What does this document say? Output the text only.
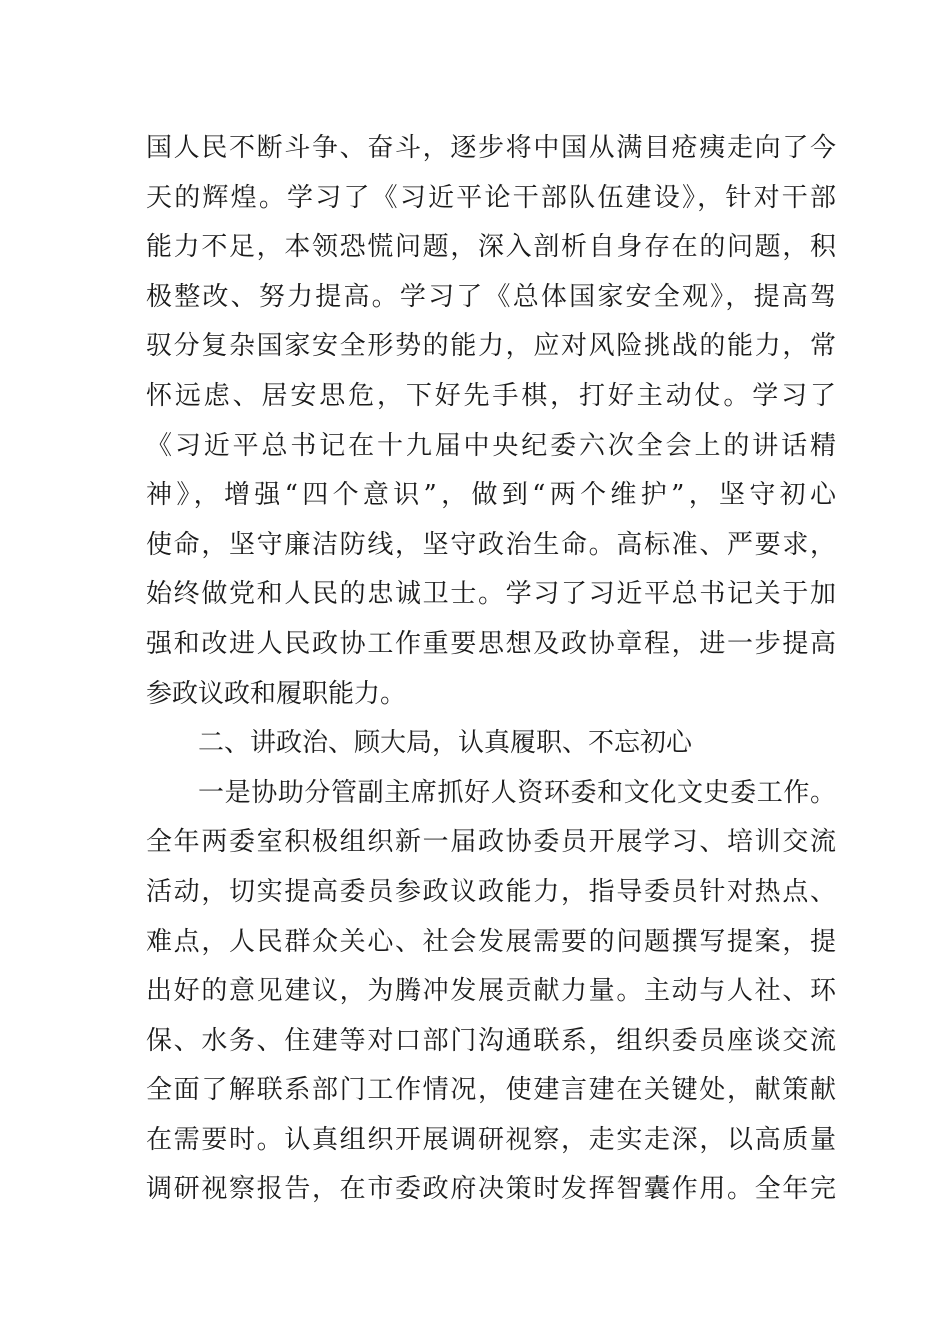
国人民不断斗争、奋斗，逐步将中国从满目疮痍走向了今
天的辉煌。学习了《习近平论干部队伍建设》，针对干部
能力不足，本领恐慌问题，深入剖析自身存在的问题，积
极整改、努力提高。学习了《总体国家安全观》，提高驾
驭分复杂国家安全形势的能力，应对风险挑战的能力，常
怀远虑、居安思危，下好先手棋，打好主动仗。学习了
《习近平总书记在十九届中央纪委六次全会上的讲话精
神》，增强“四个意识”，做到“两个维护”，坚守初心
使命，坚守廉洁防线，坚守政治生命。高标准、严要求，
始终做党和人民的忠诚卫士。学习了习近平总书记关于加
强和改进人民政协工作重要思想及政协章程，进一步提高
参政议政和履职能力。
二、讲政治、顾大局，认真履职、不忘初心
一是协助分管副主席抓好人资环委和文化文史委工作。
全年两委室积极组织新一届政协委员开展学习、培训交流
活动，切实提高委员参政议政能力，指导委员针对热点、
难点，人民群众关心、社会发展需要的问题撰写提案，提
出好的意见建议，为腾冲发展贡献力量。主动与人社、环
保、水务、住建等对口部门沟通联系，组织委员座谈交流
全面了解联系部门工作情况，使建言建在关键处，献策献
在需要时。认真组织开展调研视察，走实走深，以高质量
调研视察报告，在市委政府决策时发挥智囊作用。全年完
